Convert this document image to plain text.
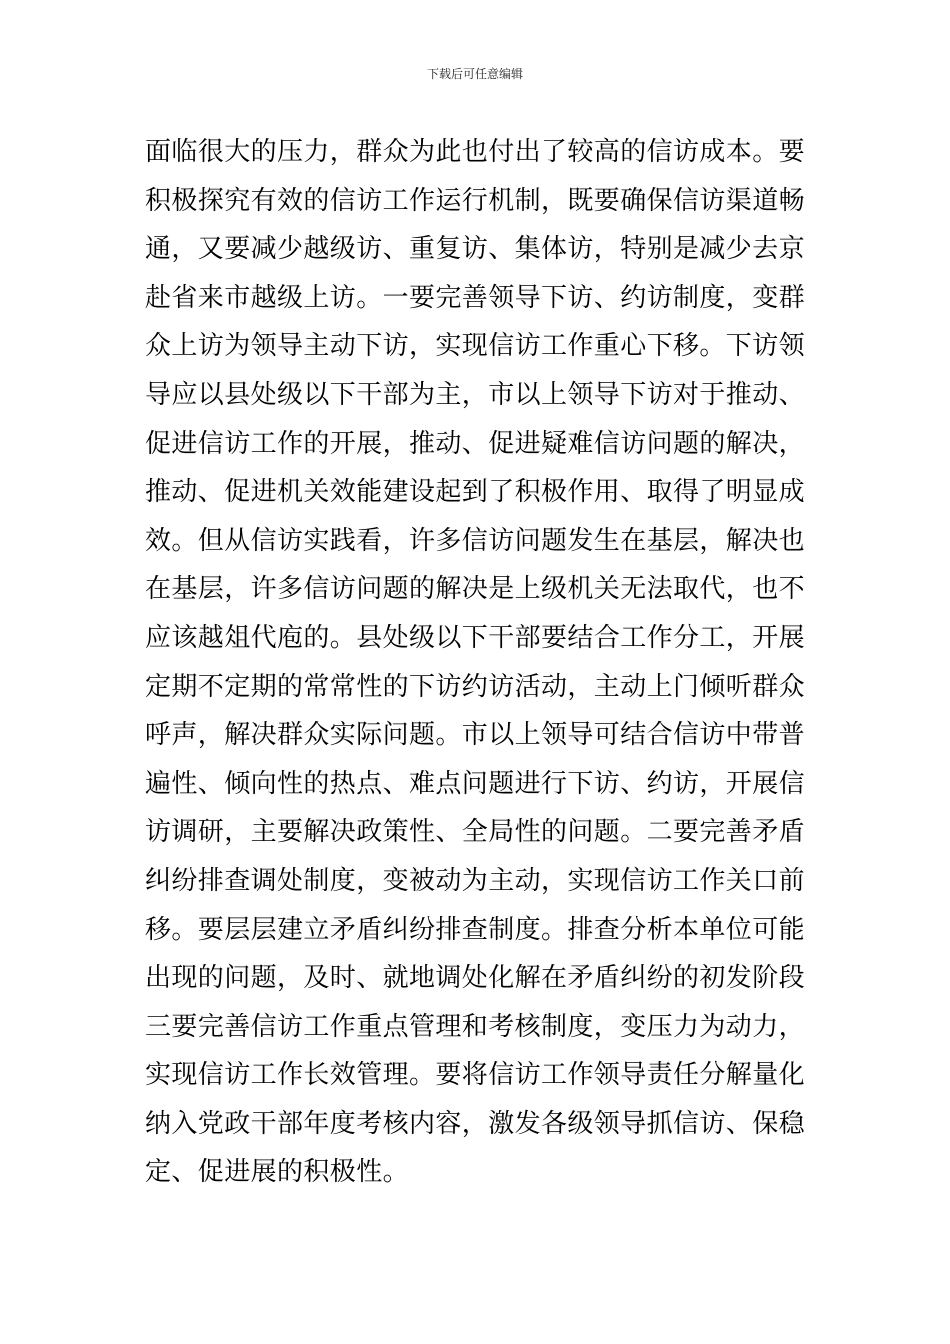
下载后可任意编辑
面临很大的压力，群众为此也付出了较高的信访成本。要
积极探究有效的信访工作运行机制，既要确保信访渠道畅
通，又要减少越级访、重复访、集体访，特别是减少去京
赴省来市越级上访。一要完善领导下访、约访制度，变群
众上访为领导主动下访，实现信访工作重心下移。下访领
导应以县处级以下干部为主，市以上领导下访对于推动、
促进信访工作的开展，推动、促进疑难信访问题的解决，
推动、促进机关效能建设起到了积极作用、取得了明显成
效。但从信访实践看，许多信访问题发生在基层，解决也
在基层，许多信访问题的解决是上级机关无法取代，也不
应该越俎代庖的。县处级以下干部要结合工作分工，开展
定期不定期的常常性的下访约访活动，主动上门倾听群众
呼声，解决群众实际问题。市以上领导可结合信访中带普
遍性、倾向性的热点、难点问题进行下访、约访，开展信
访调研，主要解决政策性、全局性的问题。二要完善矛盾
纠纷排查调处制度，变被动为主动，实现信访工作关口前
移。要层层建立矛盾纠纷排查制度。排查分析本单位可能
出现的问题，及时、就地调处化解在矛盾纠纷的初发阶段
三要完善信访工作重点管理和考核制度，变压力为动力，
实现信访工作长效管理。要将信访工作领导责任分解量化
纳入党政干部年度考核内容，激发各级领导抓信访、保稳
定、促进展的积极性。
